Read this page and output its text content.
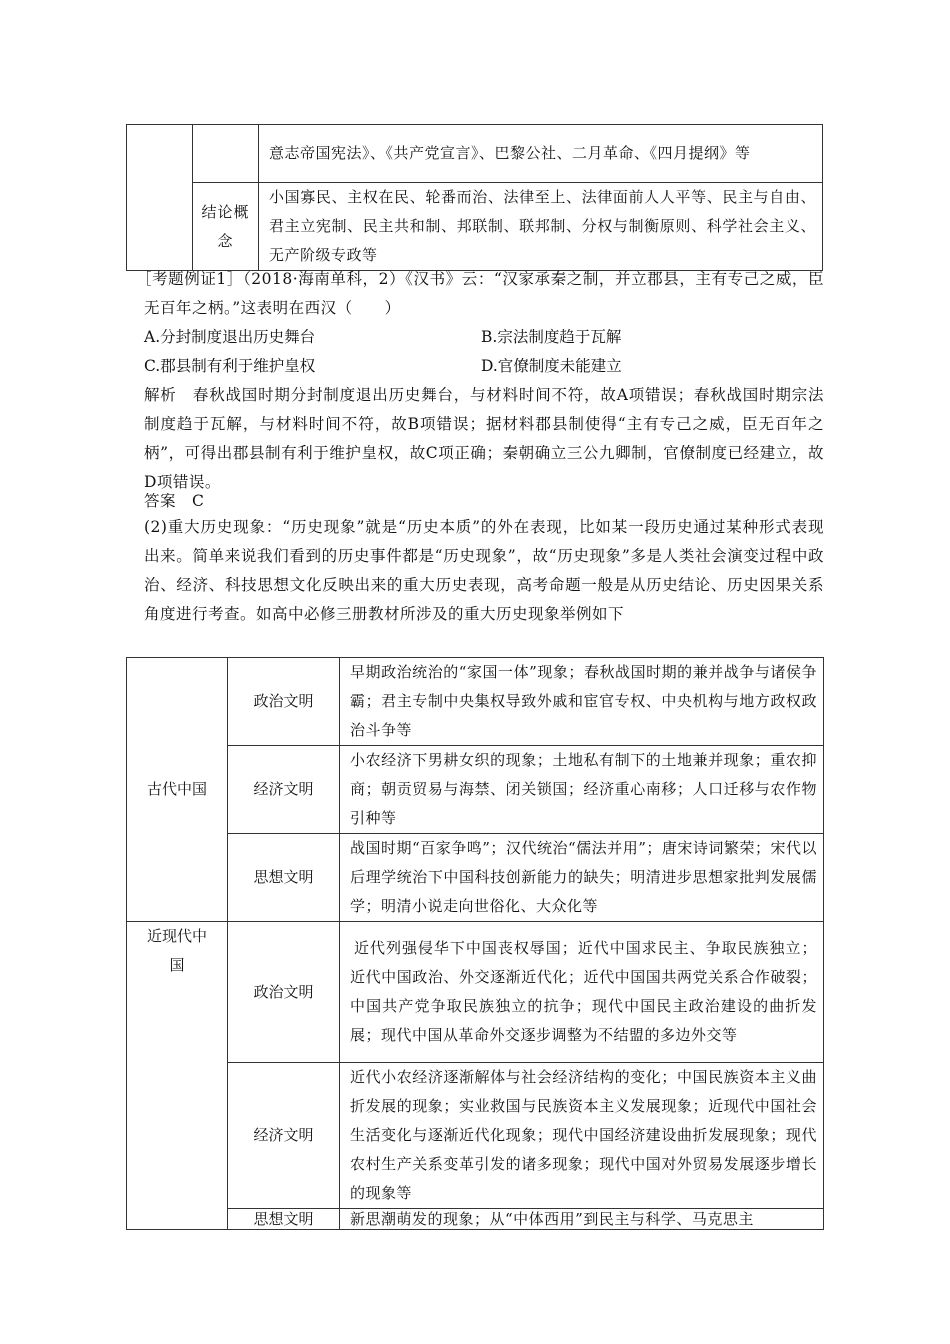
		意志帝国宪法》、《共产党宣言》、巴黎公社、二月革命、《四月提纲》等
	结论概念	小国寡民、主权在民、轮番而治、法律至上、法律面前人人平等、民主与自由、君主立宪制、民主共和制、邦联制、联邦制、分权与制衡原则、科学社会主义、无产阶级专政等

［考题例证1］（2018·海南单科，2）《汉书》云：“汉家承秦之制，并立郡县，主有专己之威，臣无百年之柄。”这表明在西汉（　　）

A.分封制度退出历史舞台	B.宗法制度趋于瓦解
C.郡县制有利于维护皇权	D.官僚制度未能建立

解析　春秋战国时期分封制度退出历史舞台，与材料时间不符，故A项错误；春秋战国时期宗法制度趋于瓦解，与材料时间不符，故B项错误；据材料郡县制使得“主有专己之威，臣无百年之柄”，可得出郡县制有利于维护皇权，故C项正确；秦朝确立三公九卿制，官僚制度已经建立，故D项错误。

答案　C

(2)重大历史现象：“历史现象”就是“历史本质”的外在表现，比如某一段历史通过某种形式表现出来。简单来说我们看到的历史事件都是“历史现象”，故“历史现象”多是人类社会演变过程中政治、经济、科技思想文化反映出来的重大历史表现，高考命题一般是从历史结论、历史因果关系角度进行考查。如高中必修三册教材所涉及的重大历史现象举例如下

古代中国	政治文明	早期政治统治的“家国一体”现象；春秋战国时期的兼并战争与诸侯争霸；君主专制中央集权导致外戚和宦官专权、中央机构与地方政权政治斗争等
	经济文明	小农经济下男耕女织的现象；土地私有制下的土地兼并现象；重农抑商；朝贡贸易与海禁、闭关锁国；经济重心南移；人口迁移与农作物引种等
	思想文明	战国时期“百家争鸣”；汉代统治“儒法并用”；唐宋诗词繁荣；宋代以后理学统治下中国科技创新能力的缺失；明清进步思想家批判发展儒学；明清小说走向世俗化、大众化等
近现代中国	政治文明	近代列强侵华下中国丧权辱国；近代中国求民主、争取民族独立；近代中国政治、外交逐渐近代化；近代中国国共两党关系合作破裂；中国共产党争取民族独立的抗争；现代中国民主政治建设的曲折发展；现代中国从革命外交逐步调整为不结盟的多边外交等
	经济文明	近代小农经济逐渐解体与社会经济结构的变化；中国民族资本主义曲折发展的现象；实业救国与民族资本主义发展现象；近现代中国社会生活变化与逐渐近代化现象；现代中国经济建设曲折发展现象；现代农村生产关系变革引发的诸多现象；现代中国对外贸易发展逐步增长的现象等
	思想文明	新思潮萌发的现象；从“中体西用”到民主与科学、马克思主
